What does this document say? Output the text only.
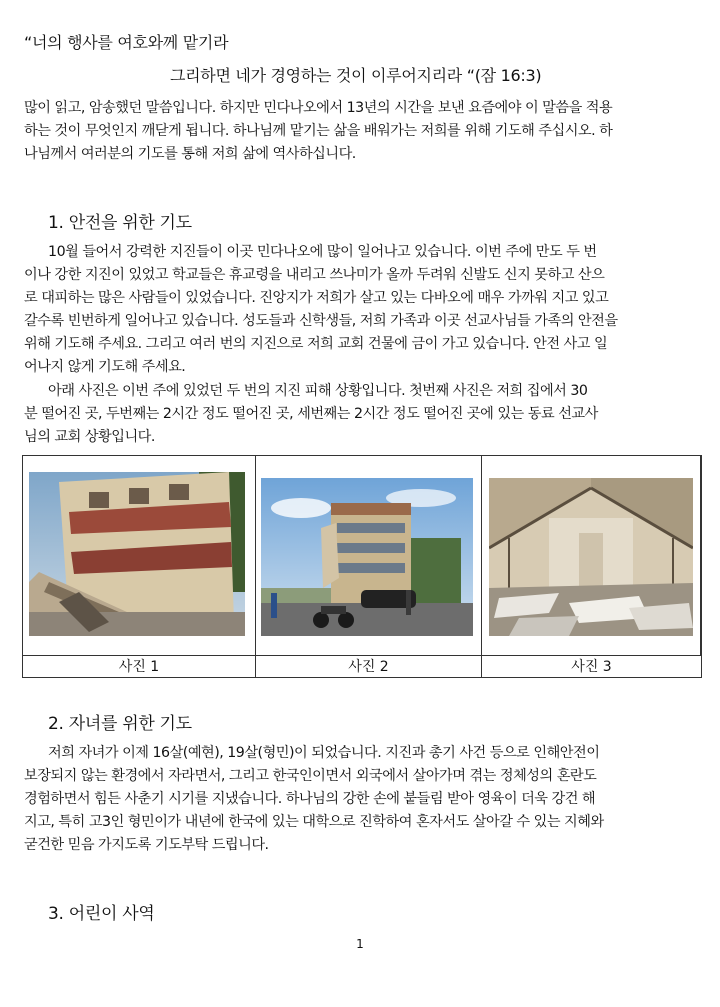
“너의 행사를 여호와께 맡기라
그리하면 네가 경영하는 것이 이루어지리라 “(잠 16:3)
많이 읽고, 암송했던 말씀입니다. 하지만 민다나오에서 13년의 시간을 보낸 요즘에야 이 말씀을 적용
하는 것이 무엇인지 깨닫게 됩니다. 하나님께 맡기는 삶을 배워가는 저희를 위해 기도해 주십시오. 하
나님께서 여러분의 기도를 통해 저희 삶에 역사하십니다.
1. 안전을 위한 기도
10월 들어서 강력한 지진들이 이곳 민다나오에 많이 일어나고 있습니다. 이번 주에 만도 두 번
이나 강한 지진이 있었고 학교들은 휴교령을 내리고 쓰나미가 올까 두려워 신발도 신지 못하고 산으
로 대피하는 많은 사람들이 있었습니다. 진앙지가 저희가 살고 있는 다바오에 매우 가까워 지고 있고
갈수록 빈번하게 일어나고 있습니다. 성도들과 신학생들, 저희 가족과 이곳 선교사님들 가족의 안전을
위해 기도해 주세요. 그리고 여러 번의 지진으로 저희 교회 건물에 금이 가고 있습니다. 안전 사고 일
어나지 않게 기도해 주세요.
아래 사진은 이번 주에 있었던 두 번의 지진 피해 상황입니다. 첫번째 사진은 저희 집에서 30
분 떨어진 곳, 두번째는 2시간 정도 떨어진 곳, 세번째는 2시간 정도 떨어진 곳에 있는 동료 선교사
님의 교회 상황입니다.
사진 1	사진 2	사진 3
2. 자녀를 위한 기도
저희 자녀가 이제 16살(예현), 19살(형민)이 되었습니다. 지진과 총기 사건 등으로 인해안전이
보장되지 않는 환경에서 자라면서, 그리고 한국인이면서 외국에서 살아가며 겪는 정체성의 혼란도
경험하면서 힘든 사춘기 시기를 지냈습니다. 하나님의 강한 손에 붙들림 받아 영육이 더욱 강건 해
지고, 특히 고3인 형민이가 내년에 한국에 있는 대학으로 진학하여 혼자서도 살아갈 수 있는 지혜와
굳건한 믿음 가지도록 기도부탁 드립니다.
3. 어린이 사역
1
